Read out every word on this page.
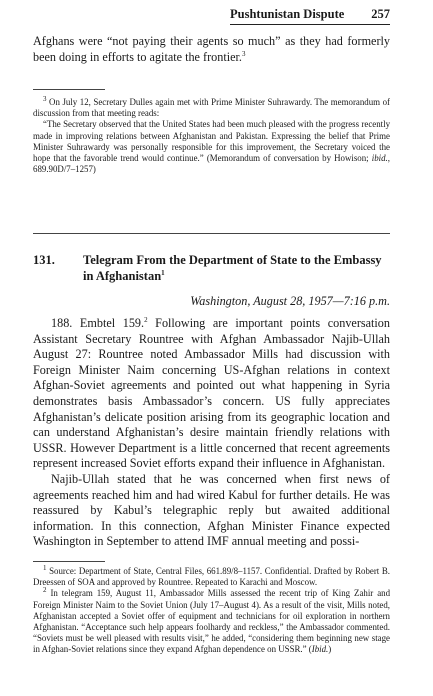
Pushtunistan Dispute 257

Afghans were “not paying their agents so much” as they had formerly been doing in efforts to agitate the frontier.$^3$

$^3$ On July 12, Secretary Dulles again met with Prime Minister Suhrawardy. The memorandum of discussion from that meeting reads:

“The Secretary observed that the United States had been much pleased with the progress recently made in improving relations between Afghanistan and Pakistan. Expressing the belief that Prime Minister Suhrawardy was personally responsible for this improvement, the Secretary voiced the hope that the favorable trend would continue.” (Memorandum of conversation by Howison; ibid., 689.90D/7–1257)

131. Telegram From the Department of State to the Embassy in Afghanistan$^1$
Washington, August 28, 1957—7:16 p.m.

188. Embtel 159.$^2$ Following are important points conversation Assistant Secretary Rountree with Afghan Ambassador Najib-Ullah August 27: Rountree noted Ambassador Mills had discussion with Foreign Minister Naim concerning US-Afghan relations in context Afghan-Soviet agreements and pointed out what happening in Syria demonstrates basis Ambassador’s concern. US fully appreciates Afghanistan’s delicate position arising from its geographic location and can understand Afghanistan’s desire maintain friendly relations with USSR. However Department is a little concerned that recent agreements represent increased Soviet efforts expand their influence in Afghanistan.

Najib-Ullah stated that he was concerned when first news of agreements reached him and had wired Kabul for further details. He was reassured by Kabul’s telegraphic reply but awaited additional information. In this connection, Afghan Minister Finance expected Washington in September to attend IMF annual meeting and possi-

$^1$ Source: Department of State, Central Files, 661.89/8–1157. Confidential. Drafted by Robert B. Dreessen of SOA and approved by Rountree. Repeated to Karachi and Moscow.

$^2$ In telegram 159, August 11, Ambassador Mills assessed the recent trip of King Zahir and Foreign Minister Naim to the Soviet Union (July 17–August 4). As a result of the visit, Mills noted, Afghanistan accepted a Soviet offer of equipment and technicians for oil exploration in northern Afghanistan. “Acceptance such help appears foolhardy and reckless,” the Ambassador commented. “Soviets must be well pleased with results visit,” he added, “considering them beginning new stage in Afghan-Soviet relations since they expand Afghan dependence on USSR.” (Ibid.)
